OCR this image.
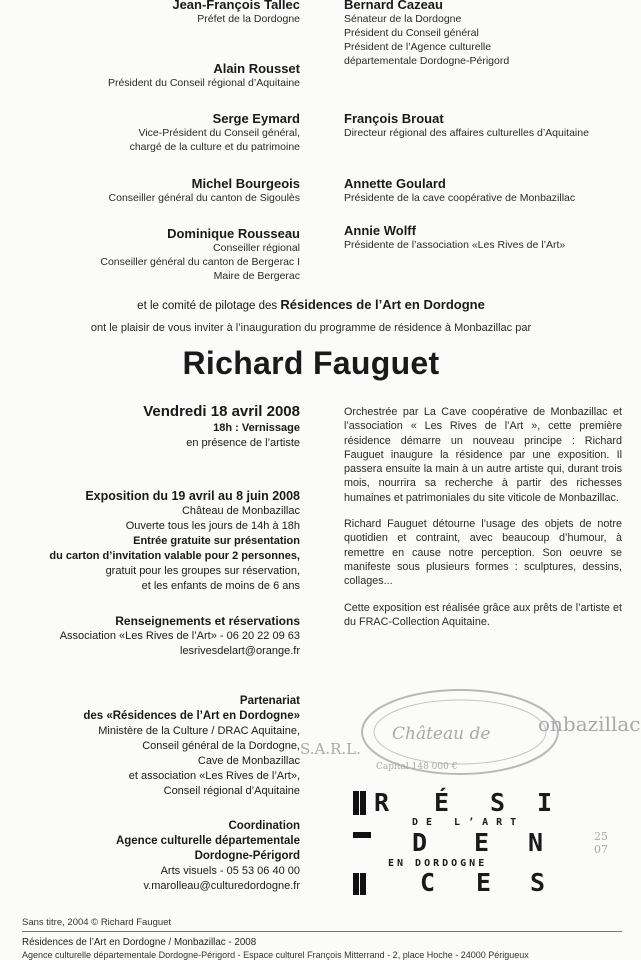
Jean-François Tallec
Préfet de la Dordogne
Alain Rousset
Président du Conseil régional d’Aquitaine
Serge Eymard
Vice-Président du Conseil général,
chargé de la culture et du patrimoine
Michel Bourgeois
Conseiller général du canton de Sigoulès
Dominique Rousseau
Conseiller régional
Conseiller général du canton de Bergerac I
Maire de Bergerac
Bernard Cazeau
Sénateur de la Dordogne
Président du Conseil général
Président de l’Agence culturelle
départementale Dordogne-Périgord
François Brouat
Directeur régional des affaires culturelles d’Aquitaine
Annette Goulard
Présidente de la cave coopérative de Monbazillac
Annie Wolff
Présidente de l’association «Les Rives de l’Art»
et le comité de pilotage des Résidences de l’Art en Dordogne
ont le plaisir de vous inviter à l’inauguration du programme de résidence à Monbazillac par
Richard Fauguet
Vendredi 18 avril 2008
18h : Vernissage
en présence de l’artiste
Exposition du 19 avril au 8 juin 2008
Château de Monbazillac
Ouverte tous les jours de 14h à 18h
Entrée gratuite sur présentation
du carton d’invitation valable pour 2 personnes,
gratuit pour les groupes sur réservation,
et les enfants de moins de 6 ans
Renseignements et réservations
Association «Les Rives de l’Art» - 06 20 22 09 63
lesrivesdelart@orange.fr
Partenariat
des «Résidences de l’Art en Dordogne»
Ministère de la Culture / DRAC Aquitaine,
Conseil général de la Dordogne,
Cave de Monbazillac
et association «Les Rives de l’Art»,
Conseil régional d’Aquitaine
Coordination
Agence culturelle départementale
Dordogne-Périgord
Arts visuels - 05 53 06 40 00
v.marolleau@culturedordogne.fr

Orchestrée par La Cave coopérative de Monbazillac et l’association « Les Rives de l’Art », cette première résidence démarre un nouveau principe : Richard Fauguet inaugure la résidence par une exposition. Il passera ensuite la main à un autre artiste qui, durant trois mois, nourrira sa recherche à partir des richesses humaines et patrimoniales du site viticole de Monbazillac.

Richard Fauguet détourne l’usage des objets de notre quotidien et contraint, avec beaucoup d’humour, à remettre en cause notre perception. Son oeuvre se manifeste sous plusieurs formes : sculptures, dessins, collages...

Cette exposition est réalisée grâce aux prêts de l’artiste et du FRAC-Collection Aquitaine.

S.A.R.L.
Château de onbazillac
Capital 148 000 €
25 07
R É S I
DE L’ART
D E N
EN DORDOGNE
C E S
Sans titre, 2004 © Richard Fauguet
Résidences de l’Art en Dordogne / Monbazillac - 2008
Agence culturelle départementale Dordogne-Périgord - Espace culturel François Mitterrand - 2, place Hoche - 24000 Périgueux
